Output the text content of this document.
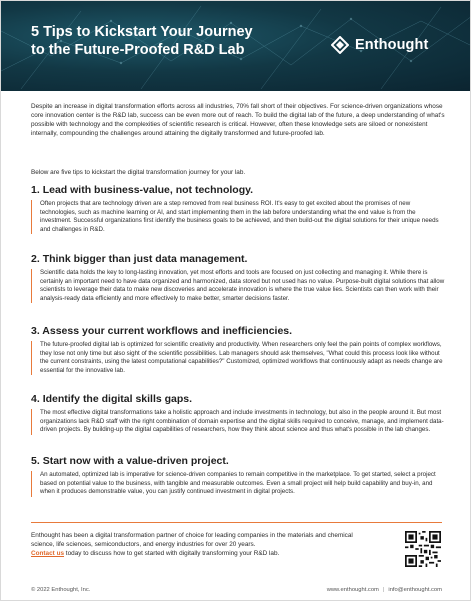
5 Tips to Kickstart Your Journey
to the Future-Proofed R&D Lab	Enthought

Despite an increase in digital transformation efforts across all industries, 70% fall short of their objectives. For science-driven organizations whose core innovation center is the R&D lab, success can be even more out of reach. To build the digital lab of the future, a deep understanding of what's possible with technology and the complexities of scientific research is critical. However, often these knowledge sets are siloed or nonexistent internally, compounding the challenges around attaining the digitally transformed and future-proofed lab.

Below are five tips to kickstart the digital transformation journey for your lab.

1. Lead with business-value, not technology.
Often projects that are technology driven are a step removed from real business ROI. It's easy to get excited about the promises of new technologies, such as machine learning or AI, and start implementing them in the lab before understanding what the end value is from the investment. Successful organizations first identify the business goals to be achieved, and then build-out the digital solutions for their unique needs and challenges in R&D.
2. Think bigger than just data management.
Scientific data holds the key to long-lasting innovation, yet most efforts and tools are focused on just collecting and managing it. While there is certainly an important need to have data organized and harmonized, data stored but not used has no value. Purpose-built digital solutions that allow scientists to leverage their data to make new discoveries and accelerate innovation is where the true value lies. Scientists can then work with their analysis-ready data efficiently and more effectively to make better, smarter decisions faster.
3. Assess your current workflows and inefficiencies.
The future-proofed digital lab is optimized for scientific creativity and productivity. When researchers only feel the pain points of complex workflows, they lose not only time but also sight of the scientific possibilities. Lab managers should ask themselves, "What could this process look like without the current constraints, using the latest computational capabilities?" Customized, optimized workflows that continuously adapt as needs change are essential for the innovative lab.
4. Identify the digital skills gaps.
The most effective digital transformations take a holistic approach and include investments in technology, but also in the people around it. But most organizations lack R&D staff with the right combination of domain expertise and the digital skills required to conceive, manage, and implement data-driven projects. By building-up the digital capabilities of researchers, how they think about science and thus what's possible in the lab changes.
5. Start now with a value-driven project.
An automated, optimized lab is imperative for science-driven companies to remain competitive in the marketplace. To get started, select a project based on potential value to the business, with tangible and measurable outcomes. Even a small project will help build capability and buy-in, and when it produces demonstrable value, you can justify continued investment in digital projects.

Enthought has been a digital transformation partner of choice for leading companies in the materials and chemical science, life sciences, semiconductors, and energy industries for over 20 years.
Contact us today to discuss how to get started with digitally transforming your R&D lab.

© 2022 Enthought, Inc.	www.enthought.com | info@enthought.com
